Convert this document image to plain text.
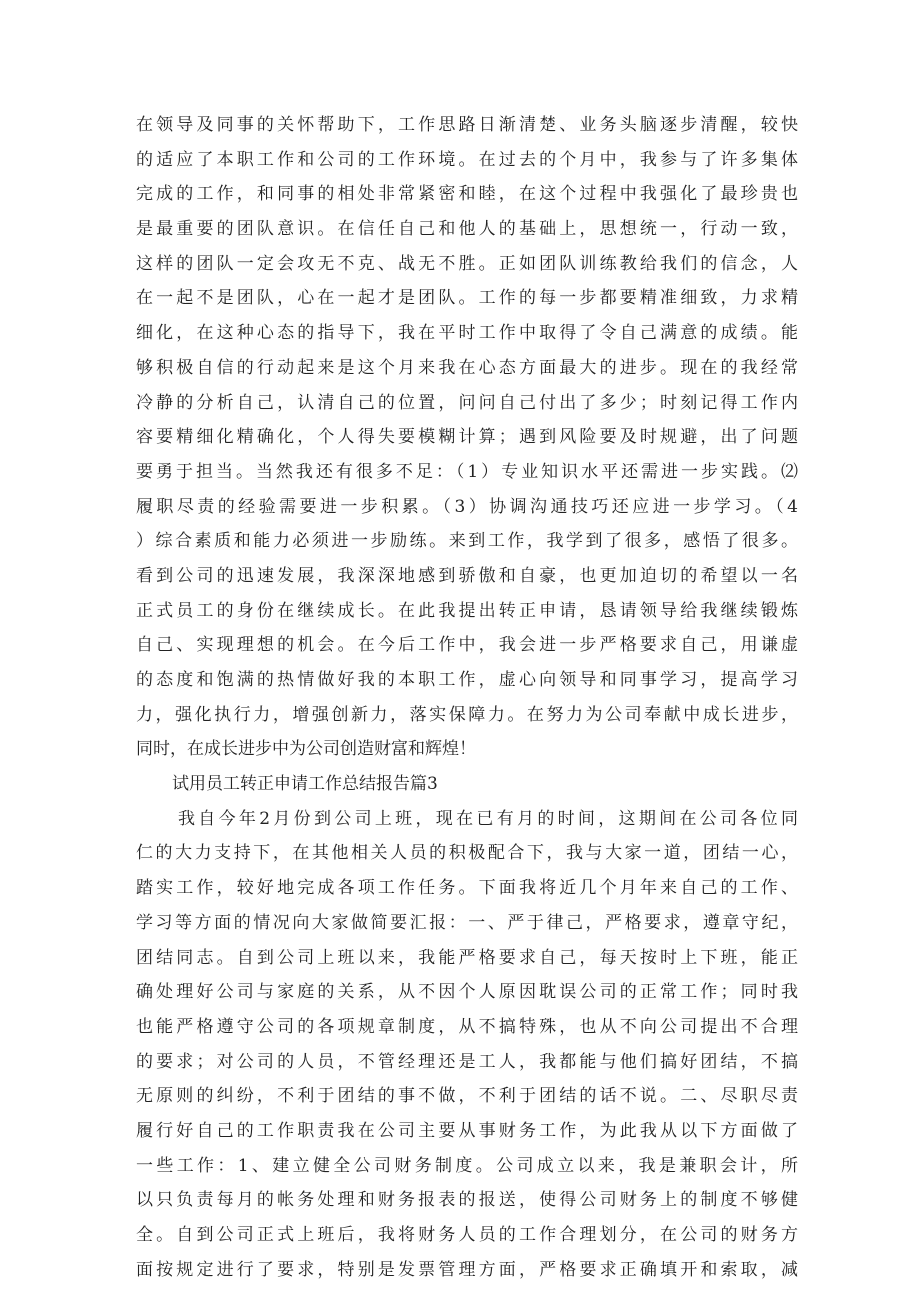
在领导及同事的关怀帮助下，工作思路日渐清楚、业务头脑逐步清醒，较快
的适应了本职工作和公司的工作环境。在过去的个月中，我参与了许多集体
完成的工作，和同事的相处非常紧密和睦，在这个过程中我强化了最珍贵也
是最重要的团队意识。在信任自己和他人的基础上，思想统一，行动一致，
这样的团队一定会攻无不克、战无不胜。正如团队训练教给我们的信念，人
在一起不是团队，心在一起才是团队。工作的每一步都要精准细致，力求精
细化，在这种心态的指导下，我在平时工作中取得了令自己满意的成绩。能
够积极自信的行动起来是这个月来我在心态方面最大的进步。现在的我经常
冷静的分析自己，认清自己的位置，问问自己付出了多少；时刻记得工作内
容要精细化精确化，个人得失要模糊计算；遇到风险要及时规避，出了问题
要勇于担当。当然我还有很多不足：（1）专业知识水平还需进一步实践。⑵
履职尽责的经验需要进一步积累。（3）协调沟通技巧还应进一步学习。（4
）综合素质和能力必须进一步励练。来到工作，我学到了很多，感悟了很多。
看到公司的迅速发展，我深深地感到骄傲和自豪，也更加迫切的希望以一名
正式员工的身份在继续成长。在此我提出转正申请，恳请领导给我继续锻炼
自己、实现理想的机会。在今后工作中，我会进一步严格要求自己，用谦虚
的态度和饱满的热情做好我的本职工作，虚心向领导和同事学习，提高学习
力，强化执行力，增强创新力，落实保障力。在努力为公司奉献中成长进步，
同时，在成长进步中为公司创造财富和辉煌！
试用员工转正申请工作总结报告篇3
我自今年2月份到公司上班，现在已有月的时间，这期间在公司各位同
仁的大力支持下，在其他相关人员的积极配合下，我与大家一道，团结一心，
踏实工作，较好地完成各项工作任务。下面我将近几个月年来自己的工作、
学习等方面的情况向大家做简要汇报：一、严于律己，严格要求，遵章守纪，
团结同志。自到公司上班以来，我能严格要求自己，每天按时上下班，能正
确处理好公司与家庭的关系，从不因个人原因耽误公司的正常工作；同时我
也能严格遵守公司的各项规章制度，从不搞特殊，也从不向公司提出不合理
的要求；对公司的人员，不管经理还是工人，我都能与他们搞好团结，不搞
无原则的纠纷，不利于团结的事不做，不利于团结的话不说。二、尽职尽责
履行好自己的工作职责我在公司主要从事财务工作，为此我从以下方面做了
一些工作：1、建立健全公司财务制度。公司成立以来，我是兼职会计，所
以只负责每月的帐务处理和财务报表的报送，使得公司财务上的制度不够健
全。自到公司正式上班后，我将财务人员的工作合理划分，在公司的财务方
面按规定进行了要求，特别是发票管理方面，严格要求正确填开和索取，减
